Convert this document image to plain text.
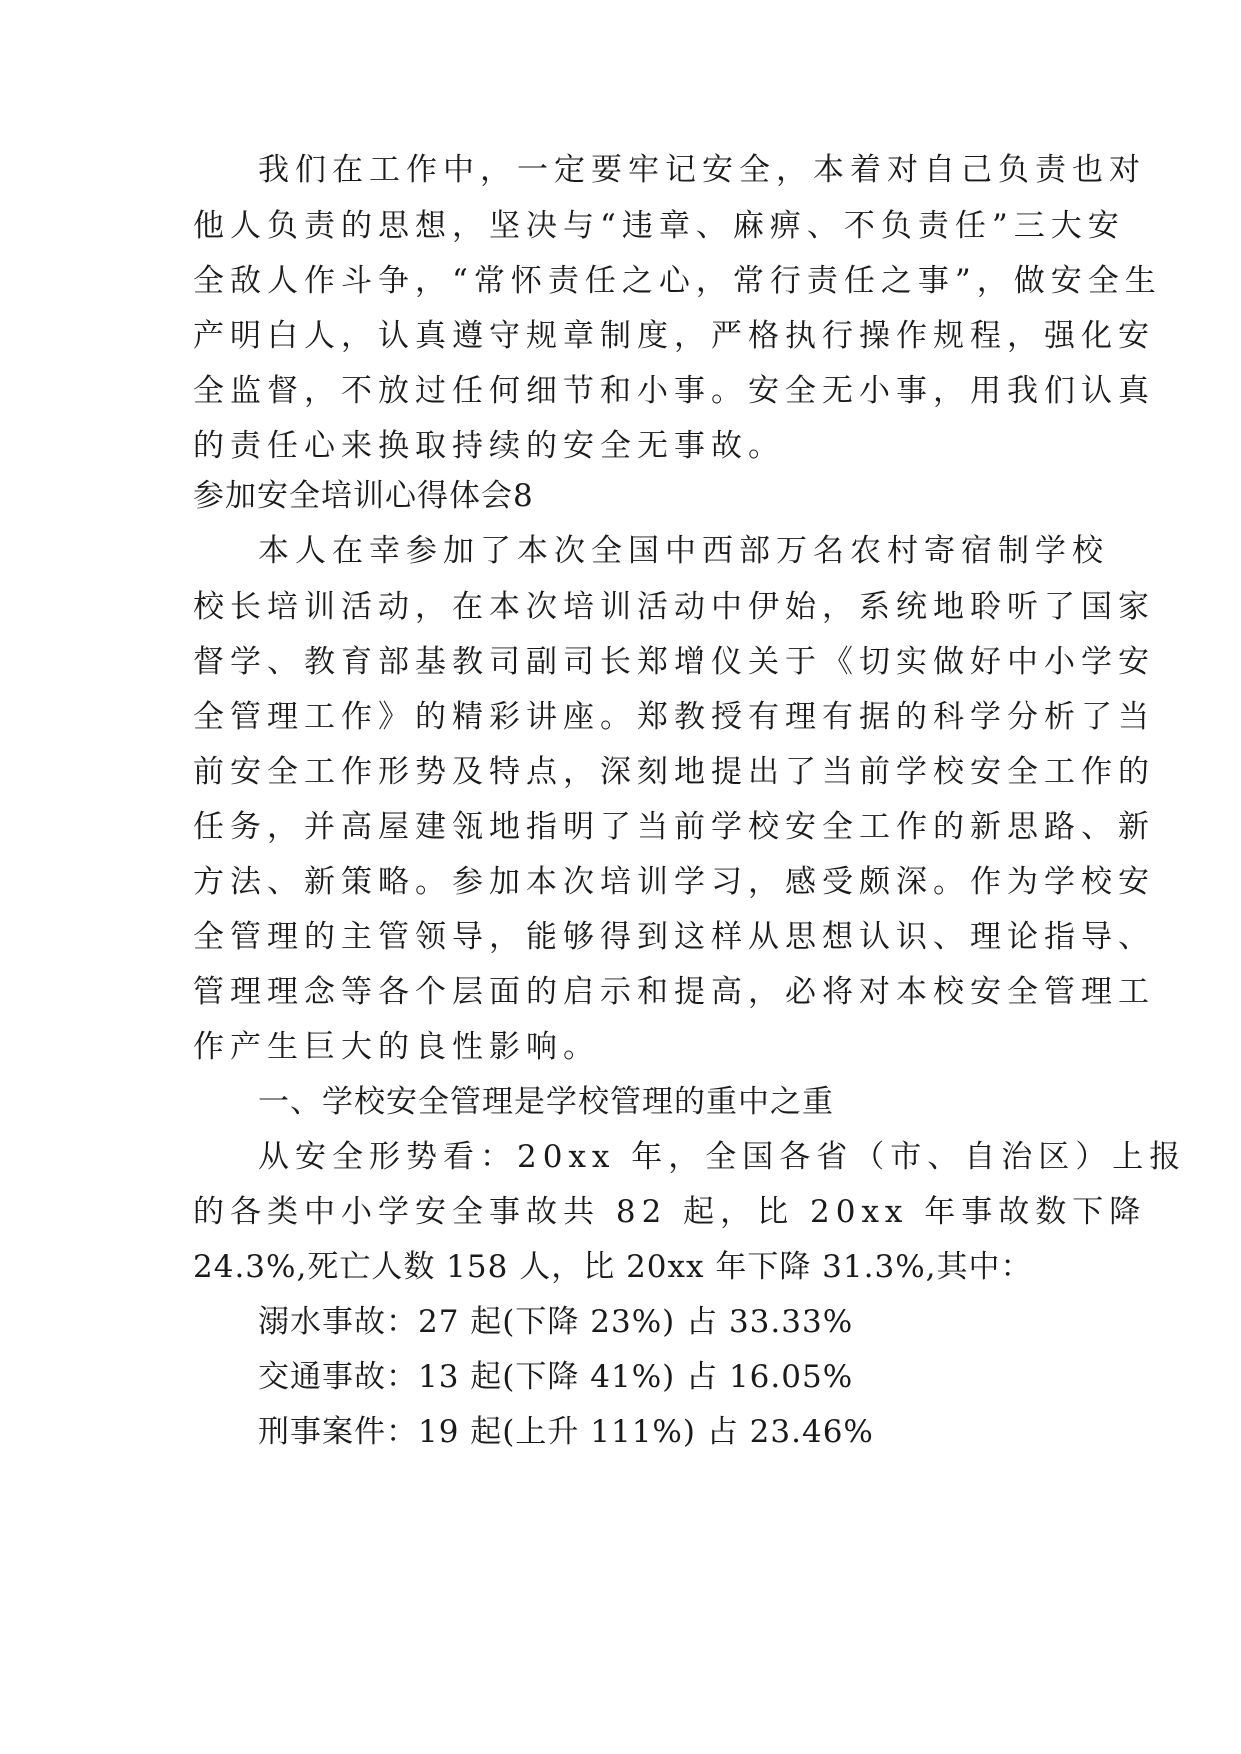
我们在工作中，一定要牢记安全，本着对自己负责也对
他人负责的思想，坚决与“违章、麻痹、不负责任”三大安
全敌人作斗争，“常怀责任之心，常行责任之事”，做安全生
产明白人，认真遵守规章制度，严格执行操作规程，强化安
全监督，不放过任何细节和小事。安全无小事，用我们认真
的责任心来换取持续的安全无事故。
参加安全培训心得体会8
本人在幸参加了本次全国中西部万名农村寄宿制学校
校长培训活动，在本次培训活动中伊始，系统地聆听了国家
督学、教育部基教司副司长郑增仪关于《切实做好中小学安
全管理工作》的精彩讲座。郑教授有理有据的科学分析了当
前安全工作形势及特点，深刻地提出了当前学校安全工作的
任务，并高屋建瓴地指明了当前学校安全工作的新思路、新
方法、新策略。参加本次培训学习，感受颇深。作为学校安
全管理的主管领导，能够得到这样从思想认识、理论指导、
管理理念等各个层面的启示和提高，必将对本校安全管理工
作产生巨大的良性影响。
一、学校安全管理是学校管理的重中之重
从安全形势看：20xx 年，全国各省（市、自治区）上报
的各类中小学安全事故共 82 起，比 20xx 年事故数下降
24.3%,死亡人数 158 人，比 20xx 年下降 31.3%,其中：
溺水事故：27 起(下降 23%) 占 33.33%
交通事故：13 起(下降 41%) 占 16.05%
刑事案件：19 起(上升 111%) 占 23.46%
